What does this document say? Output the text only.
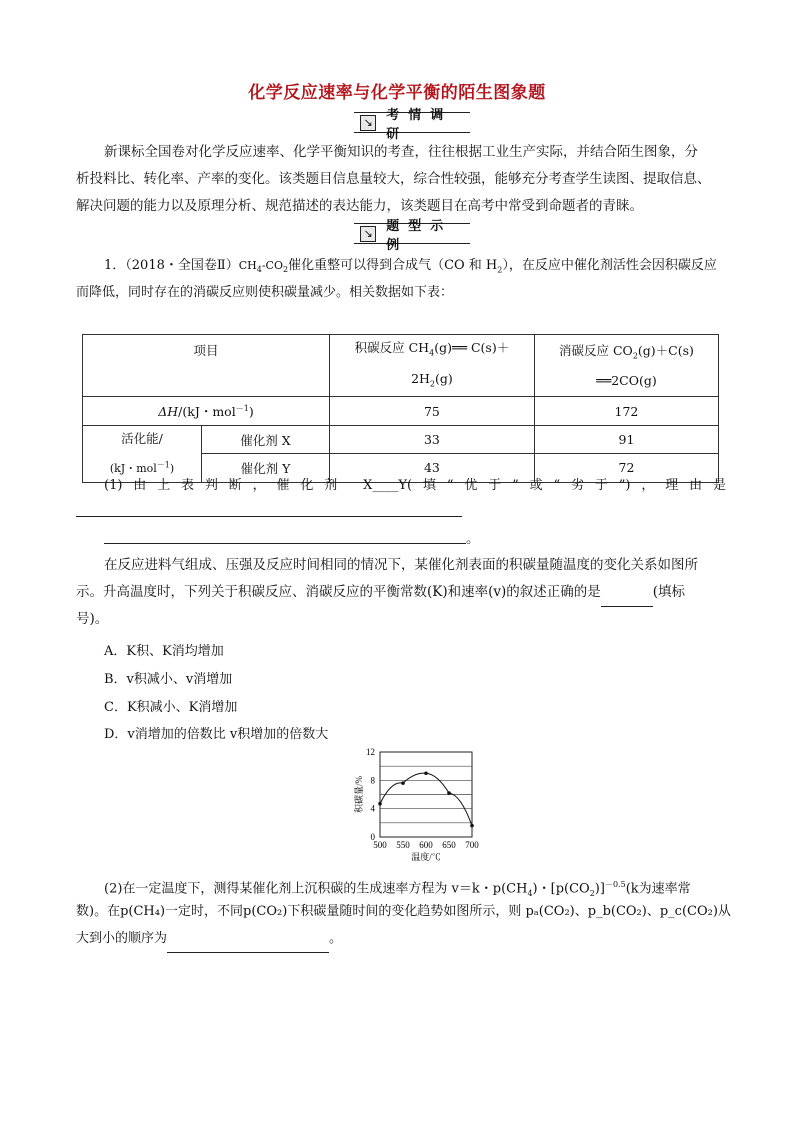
化学反应速率与化学平衡的陌生图象题
↘ 考情调研
新课标全国卷对化学反应速率、化学平衡知识的考查，往往根据工业生产实际，并结合陌生图象，分
析投料比、转化率、产率的变化。该类题目信息量较大，综合性较强，能够充分考查学生读图、提取信息、
解决问题的能力以及原理分析、规范描述的表达能力，该类题目在高考中常受到命题者的青睐。
↘ 题型示例
1．（2018・全国卷$Ⅱ)CH_4-CO_2$催化重整可以得到合成气（CO 和 $H_2$），在反应中催化剂活性会因积碳反应
而降低，同时存在的消碳反应则使积碳量减少。相关数据如下表：
项目		积碳反应 $CH_4(g)══$ C(s)＋
$2H_2(g)$	消碳反应 $CO_2(g)+C(s)$
══2CO(g)
ΔH/(kJ・mol$^{-1}$)		75	172
活化能/
(kJ・mol$^{-1}$)	催化剂 X	33	91
	催化剂 Y	43	72
(1)由上表判断，催化剂 X____Y(填“优于”或“劣于”)，理由是
。
在反应进料气组成、压强及反应时间相同的情况下，某催化剂表面的积碳量随温度的变化关系如图所
示。升高温度时，下列关于积碳反应、消碳反应的平衡常数(K)和速率(v)的叙述正确的是	(填标
号)。
A．K积、K消均增加
B．v积减小、v消增加
C．K积减小、K消增加
D．v消增加的倍数比 v积增加的倍数大
0
4
8
12
500 550 600 650 700
温度/℃
积碳量/%
(2)在一定温度下，测得某催化剂上沉积碳的生成速率方程为 v＝k・$p(CH_4)$・$[p(CO_2)]^{-0.5}(k$为速率常
数)。在p(CH₄)一定时，不同p(CO₂)下积碳量随时间的变化趋势如图所示，则 pₐ(CO₂)、p_b(CO₂)、p_c(CO₂)从
大到小的顺序为	。
